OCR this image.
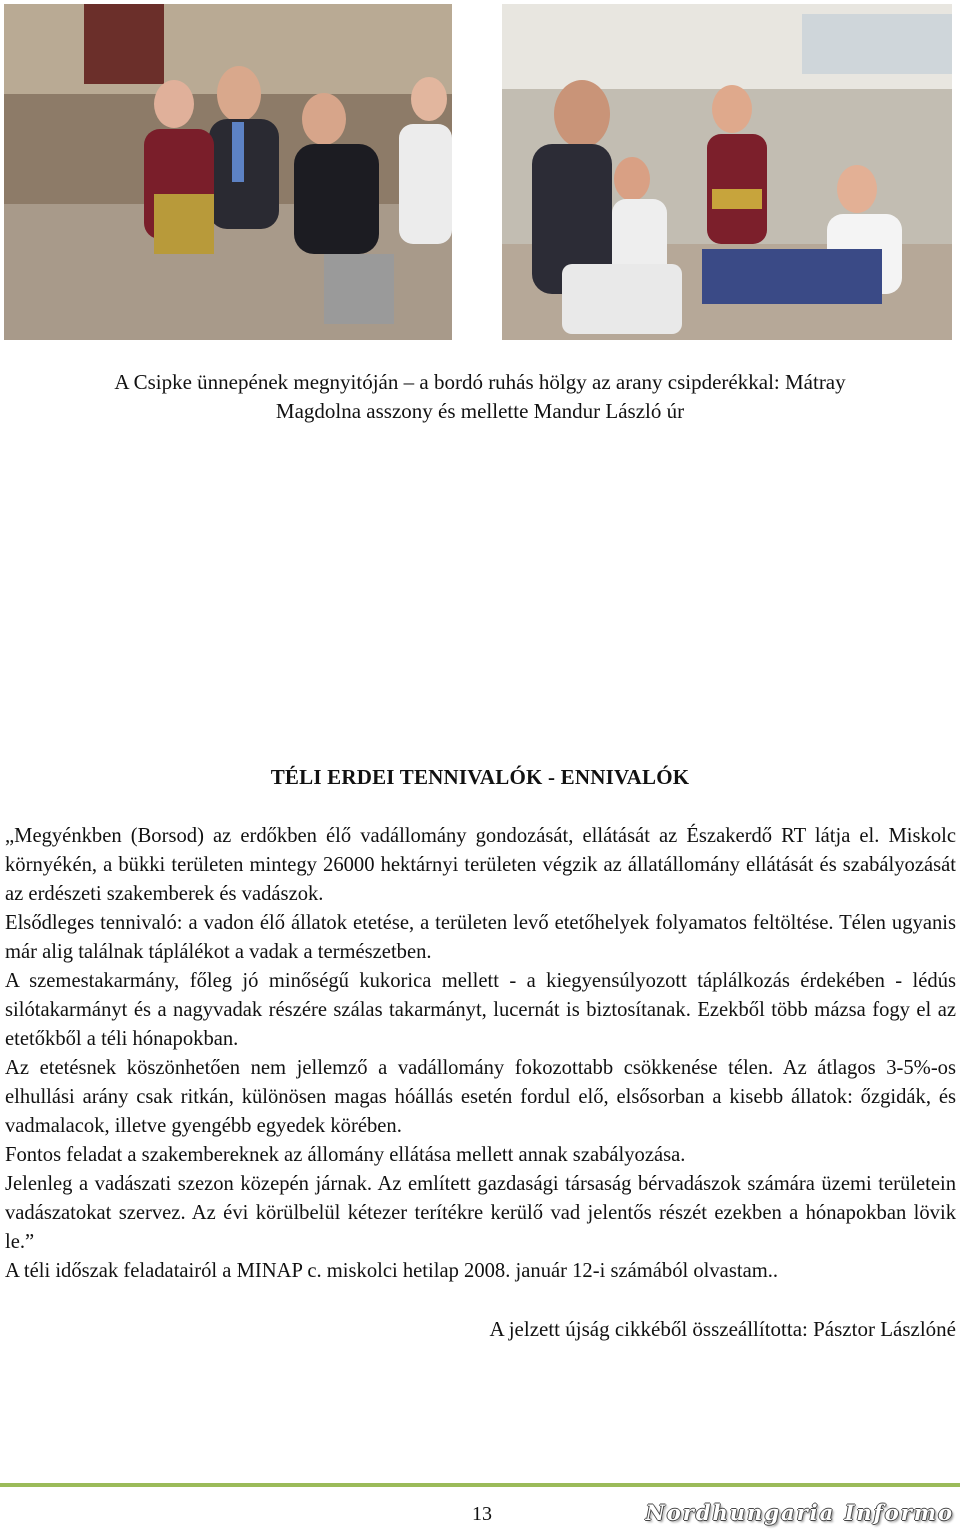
A Csipke ünnepének megnyitóján – a bordó ruhás hölgy az arany csipderékkal: Mátray
Magdolna asszony és mellette Mandur László úr
TÉLI ERDEI TENNIVALÓK - ENNIVALÓK

„Megyénkben (Borsod) az erdőkben élő vadállomány gondozását, ellátását az Északerdő RT látja el. Miskolc környékén, a bükki területen mintegy 26000 hektárnyi területen végzik az állatállomány ellátását és szabályozását az erdészeti szakemberek és vadászok.

Elsődleges tennivaló: a vadon élő állatok etetése, a területen levő etetőhelyek folyamatos feltöltése. Télen ugyanis már alig találnak táplálékot a vadak a természetben.

A szemestakarmány, főleg jó minőségű kukorica mellett - a kiegyensúlyozott táplálkozás érdekében - lédús silótakarmányt és a nagyvadak részére szálas takarmányt, lucernát is biztosítanak. Ezekből több mázsa fogy el az etetőkből a téli hónapokban.

Az etetésnek köszönhetően nem jellemző a vadállomány fokozottabb csökkenése télen. Az átlagos 3-5%-os elhullási arány csak ritkán, különösen magas hóállás esetén fordul elő, elsősorban a kisebb állatok: őzgidák, és vadmalacok, illetve gyengébb egyedek körében.

Fontos feladat a szakembereknek az állomány ellátása mellett annak szabályozása.

Jelenleg a vadászati szezon közepén járnak. Az említett gazdasági társaság bérvadászok számára üzemi területein vadászatokat szervez. Az évi körülbelül kétezer terítékre kerülő vad jelentős részét ezekben a hónapokban lövik le.”

A téli időszak feladatairól a MINAP c. miskolci hetilap 2008. január 12-i számából olvastam..

A jelzett újság cikkéből összeállította: Pásztor Lászlóné
13	Nordhungaria Informo
